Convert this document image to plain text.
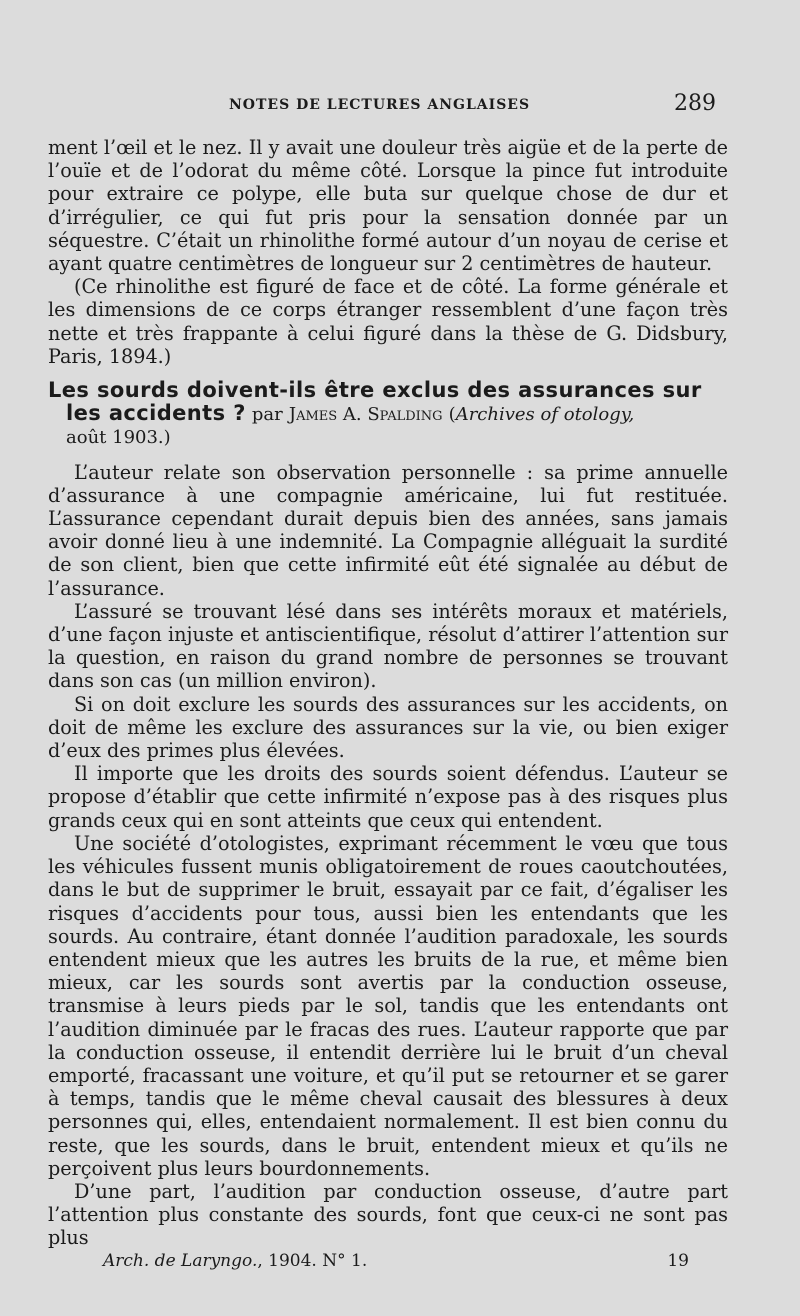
NOTES DE LECTURES ANGLAISES	289

ment l’œil et le nez. Il y avait une douleur très aigüe et de la perte de l’ouïe et de l’odorat du même côté. Lorsque la pince fut introduite pour extraire ce polype, elle buta sur quelque chose de dur et d’irrégulier, ce qui fut pris pour la sensation donnée par un séquestre. C’était un rhinolithe formé autour d’un noyau de cerise et ayant quatre centimètres de longueur sur 2 centimètres de hauteur.

(Ce rhinolithe est figuré de face et de côté. La forme générale et les dimensions de ce corps étranger ressemblent d’une façon très nette et très frappante à celui figuré dans la thèse de G. Didsbury, Paris, 1894.)

Les sourds doivent-ils être exclus des assurances sur
les accidents ? par James A. Spalding (Archives of otology,
août 1903.)

L’auteur relate son observation personnelle : sa prime annuelle d’assurance à une compagnie américaine, lui fut restituée. L’assurance cependant durait depuis bien des années, sans jamais avoir donné lieu à une indemnité. La Compagnie alléguait la surdité de son client, bien que cette infirmité eût été signalée au début de l’assurance.

L’assuré se trouvant lésé dans ses intérêts moraux et matériels, d’une façon injuste et antiscientifique, résolut d’attirer l’attention sur la question, en raison du grand nombre de personnes se trouvant dans son cas (un million environ).

Si on doit exclure les sourds des assurances sur les accidents, on doit de même les exclure des assurances sur la vie, ou bien exiger d’eux des primes plus élevées.

Il importe que les droits des sourds soient défendus. L’auteur se propose d’établir que cette infirmité n’expose pas à des risques plus grands ceux qui en sont atteints que ceux qui entendent.

Une société d’otologistes, exprimant récemment le vœu que tous les véhicules fussent munis obligatoirement de roues caoutchoutées, dans le but de supprimer le bruit, essayait par ce fait, d’égaliser les risques d’accidents pour tous, aussi bien les entendants que les sourds. Au contraire, étant donnée l’audition paradoxale, les sourds entendent mieux que les autres les bruits de la rue, et même bien mieux, car les sourds sont avertis par la conduction osseuse, transmise à leurs pieds par le sol, tandis que les entendants ont l’audition diminuée par le fracas des rues. L’auteur rapporte que par la conduction osseuse, il entendit derrière lui le bruit d’un cheval emporté, fracassant une voiture, et qu’il put se retourner et se garer à temps, tandis que le même cheval causait des blessures à deux personnes qui, elles, entendaient normalement. Il est bien connu du reste, que les sourds, dans le bruit, entendent mieux et qu’ils ne perçoivent plus leurs bourdonnements.

D’une part, l’audition par conduction osseuse, d’autre part l’attention plus constante des sourds, font que ceux-ci ne sont pas plus

Arch. de Laryngo., 1904. N° 1.	19
